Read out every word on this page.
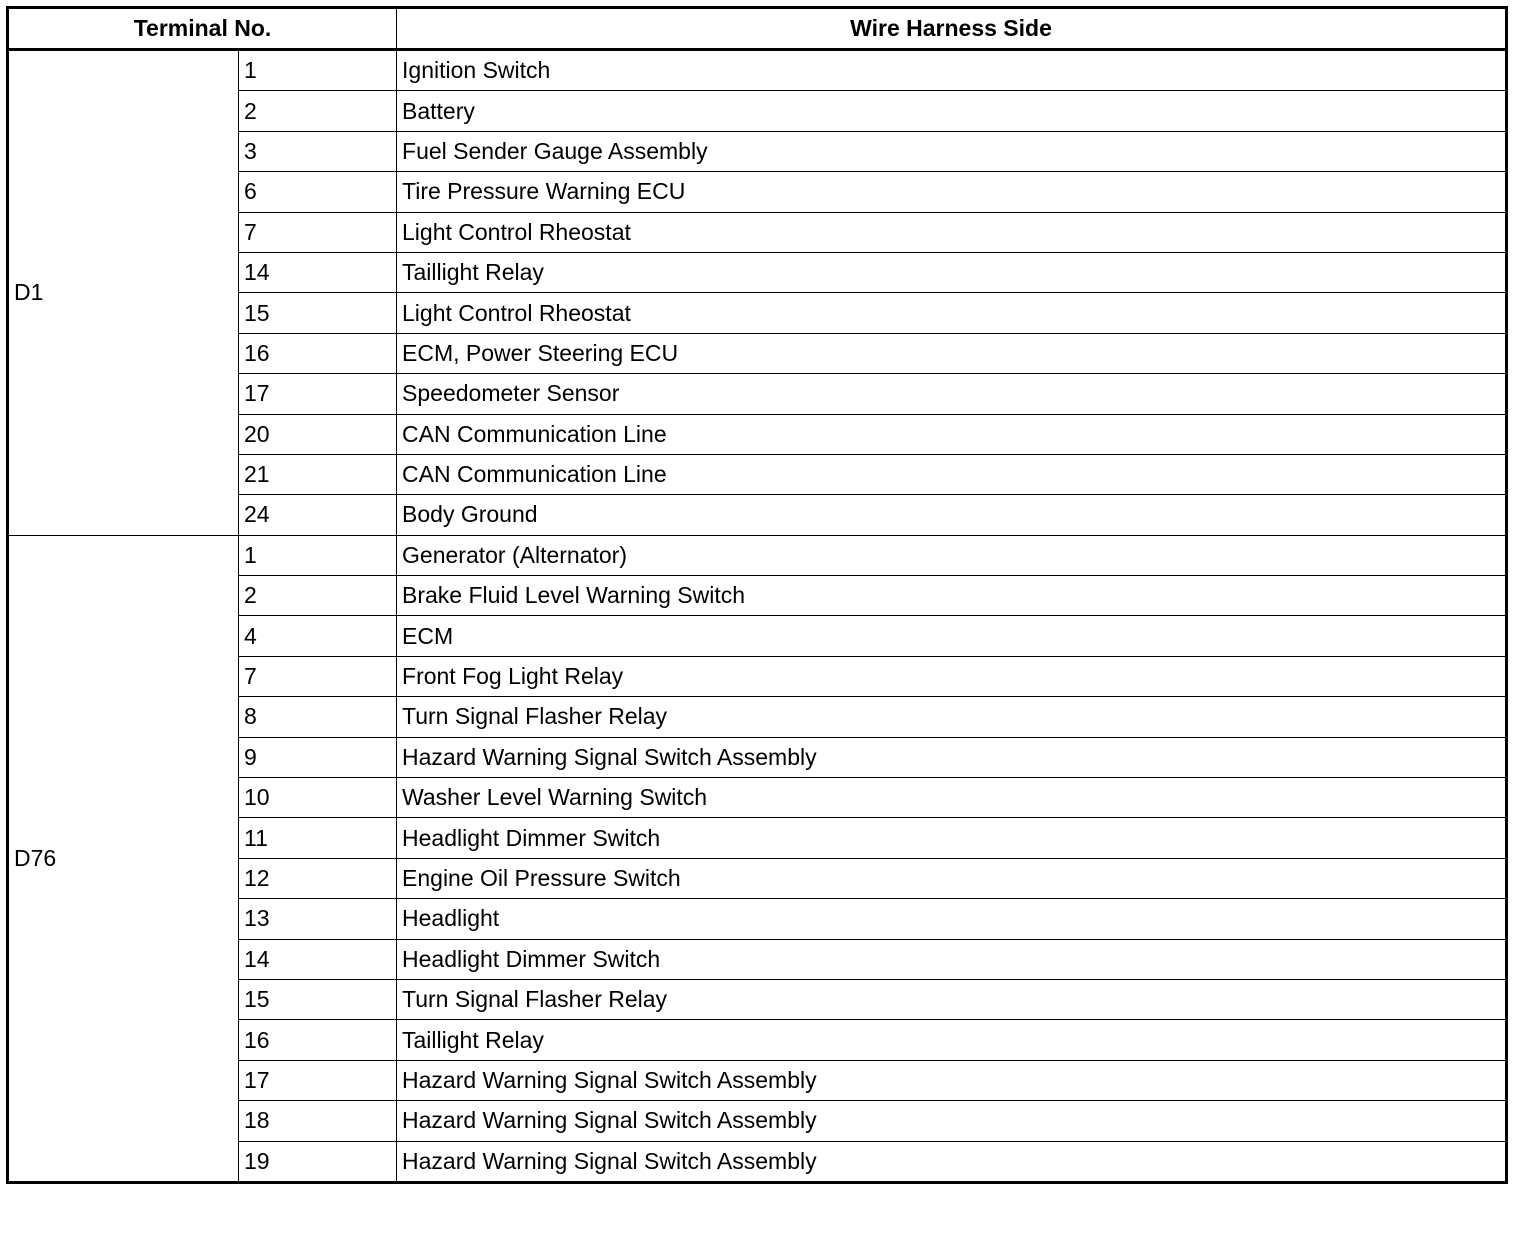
Terminal No.		Wire Harness Side
D1	1	Ignition Switch
	2	Battery
	3	Fuel Sender Gauge Assembly
	6	Tire Pressure Warning ECU
	7	Light Control Rheostat
	14	Taillight Relay
	15	Light Control Rheostat
	16	ECM, Power Steering ECU
	17	Speedometer Sensor
	20	CAN Communication Line
	21	CAN Communication Line
	24	Body Ground
D76	1	Generator (Alternator)
	2	Brake Fluid Level Warning Switch
	4	ECM
	7	Front Fog Light Relay
	8	Turn Signal Flasher Relay
	9	Hazard Warning Signal Switch Assembly
	10	Washer Level Warning Switch
	11	Headlight Dimmer Switch
	12	Engine Oil Pressure Switch
	13	Headlight
	14	Headlight Dimmer Switch
	15	Turn Signal Flasher Relay
	16	Taillight Relay
	17	Hazard Warning Signal Switch Assembly
	18	Hazard Warning Signal Switch Assembly
	19	Hazard Warning Signal Switch Assembly
